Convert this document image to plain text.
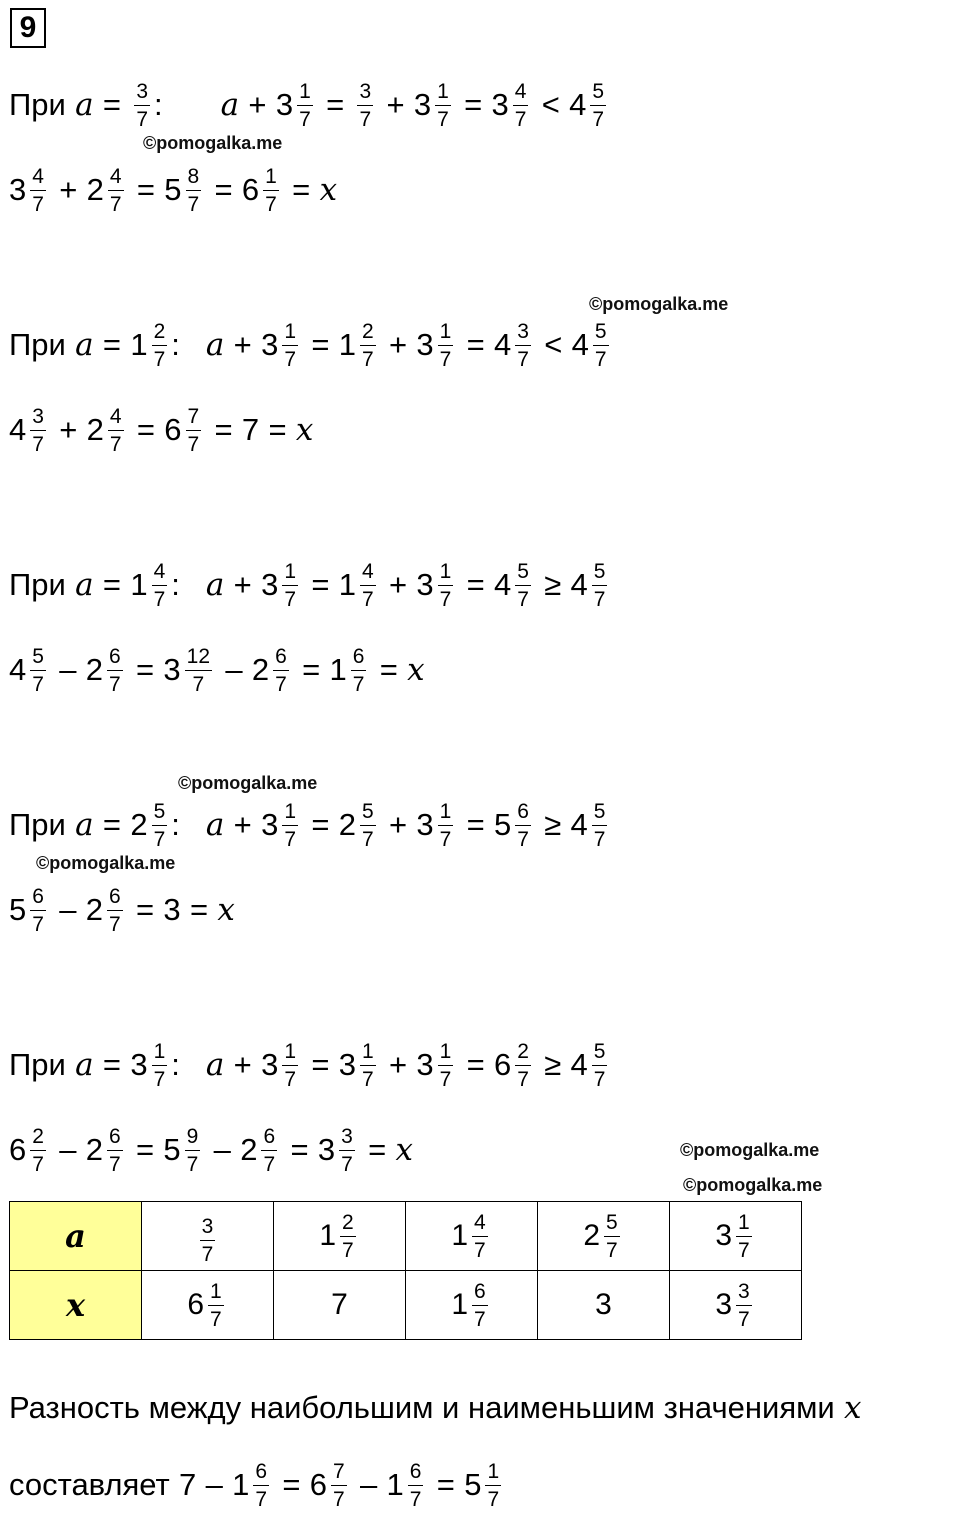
9
При $a = \frac{3}{7}$ : $a + 3 \frac{1}{7} = \frac{3}{7} + 3 \frac{1}{7} = 3 \frac{4}{7} < 4 \frac{5}{7}$
$3 \frac{4}{7} + 2 \frac{4}{7} = 5 \frac{8}{7} = 6 \frac{1}{7} = x$
При $a = 1 \frac{2}{7}$ : $a + 3 \frac{1}{7} = 1 \frac{2}{7} + 3 \frac{1}{7} = 4 \frac{3}{7} < 4 \frac{5}{7}$
$4 \frac{3}{7} + 2 \frac{4}{7} = 6 \frac{7}{7} = 7 = x$
При $a = 1 \frac{4}{7}$ : $a + 3 \frac{1}{7} = 1 \frac{4}{7} + 3 \frac{1}{7} = 4 \frac{5}{7} \ge 4 \frac{5}{7}$
$4 \frac{5}{7} - 2 \frac{6}{7} = 3 \frac{12}{7} - 2 \frac{6}{7} = 1 \frac{6}{7} = x$
При $a = 2 \frac{5}{7}$ : $a + 3 \frac{1}{7} = 2 \frac{5}{7} + 3 \frac{1}{7} = 5 \frac{6}{7} \ge 4 \frac{5}{7}$
$5 \frac{6}{7} - 2 \frac{6}{7} = 3 = x$
При $a = 3 \frac{1}{7}$ : $a + 3 \frac{1}{7} = 3 \frac{1}{7} + 3 \frac{1}{7} = 6 \frac{2}{7} \ge 4 \frac{5}{7}$
$6 \frac{2}{7} - 2 \frac{6}{7} = 5 \frac{9}{7} - 2 \frac{6}{7} = 3 \frac{3}{7} = x$
©pomogalka.me
©pomogalka.me
©pomogalka.me
©pomogalka.me
©pomogalka.me
©pomogalka.me
a	$\frac{3}{7}$	$1 \frac{2}{7}$	$1 \frac{4}{7}$	$2 \frac{5}{7}$	$3 \frac{1}{7}$

x	$6 \frac{1}{7}$	7	$1 \frac{6}{7}$	3	$3 \frac{3}{7}$
Разность между наибольшим и наименьшим значениями x
составляет $7 - 1 \frac{6}{7} = 6 \frac{7}{7} - 1 \frac{6}{7} = 5 \frac{1}{7}$
